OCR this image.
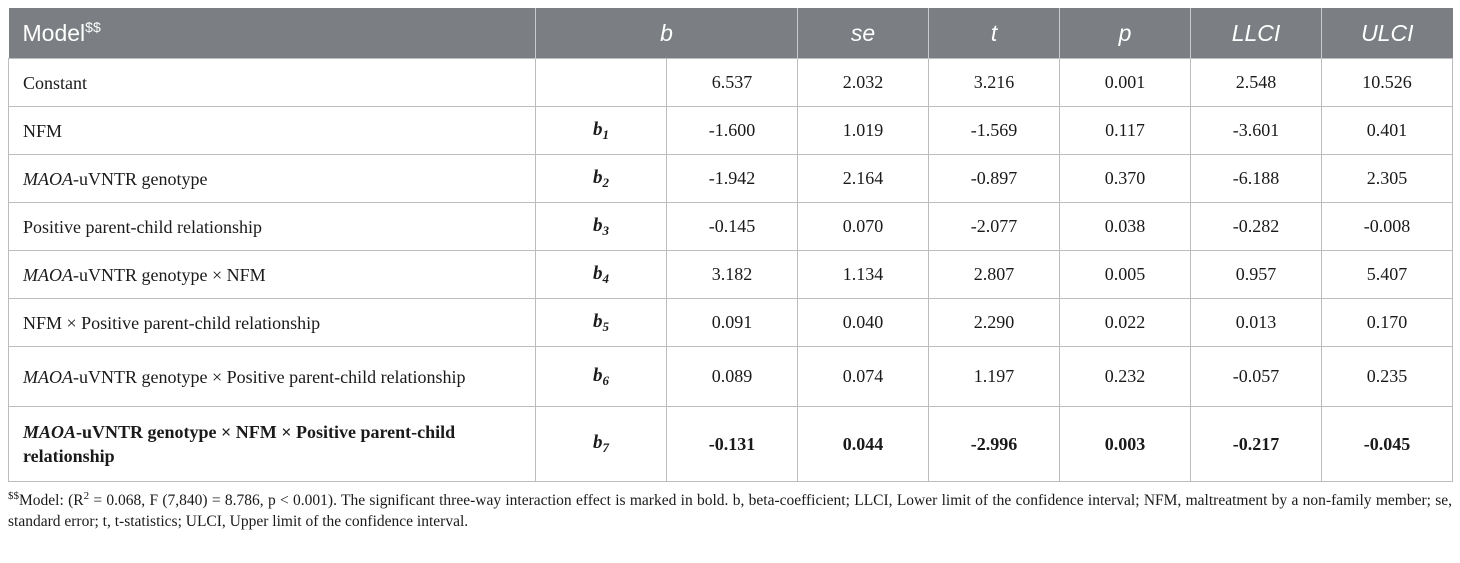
Model$$	b		se	t	p	LLCI	ULCI
Constant		6.537	2.032	3.216	0.001	2.548	10.526
NFM	$b_1$	-1.600	1.019	-1.569	0.117	-3.601	0.401
MAOA-uVNTR genotype	$b_2$	-1.942	2.164	-0.897	0.370	-6.188	2.305
Positive parent-child relationship	$b_3$	-0.145	0.070	-2.077	0.038	-0.282	-0.008
MAOA-uVNTR genotype × NFM	$b_4$	3.182	1.134	2.807	0.005	0.957	5.407
NFM × Positive parent-child relationship	$b_5$	0.091	0.040	2.290	0.022	0.013	0.170
MAOA-uVNTR genotype × Positive parent-child relationship	$b_6$	0.089	0.074	1.197	0.232	-0.057	0.235
MAOA-uVNTR genotype × NFM × Positive parent-child relationship	$b_7$	-0.131	0.044	-2.996	0.003	-0.217	-0.045
$$Model: ($R^2 = 0.068$, F (7,840) = 8.786, p < 0.001). The significant three-way interaction effect is marked in bold. b, beta-coefficient; LLCI, Lower limit of the confidence interval; NFM, maltreatment by a non-family member; se, standard error; t, t-statistics; ULCI, Upper limit of the confidence interval.
